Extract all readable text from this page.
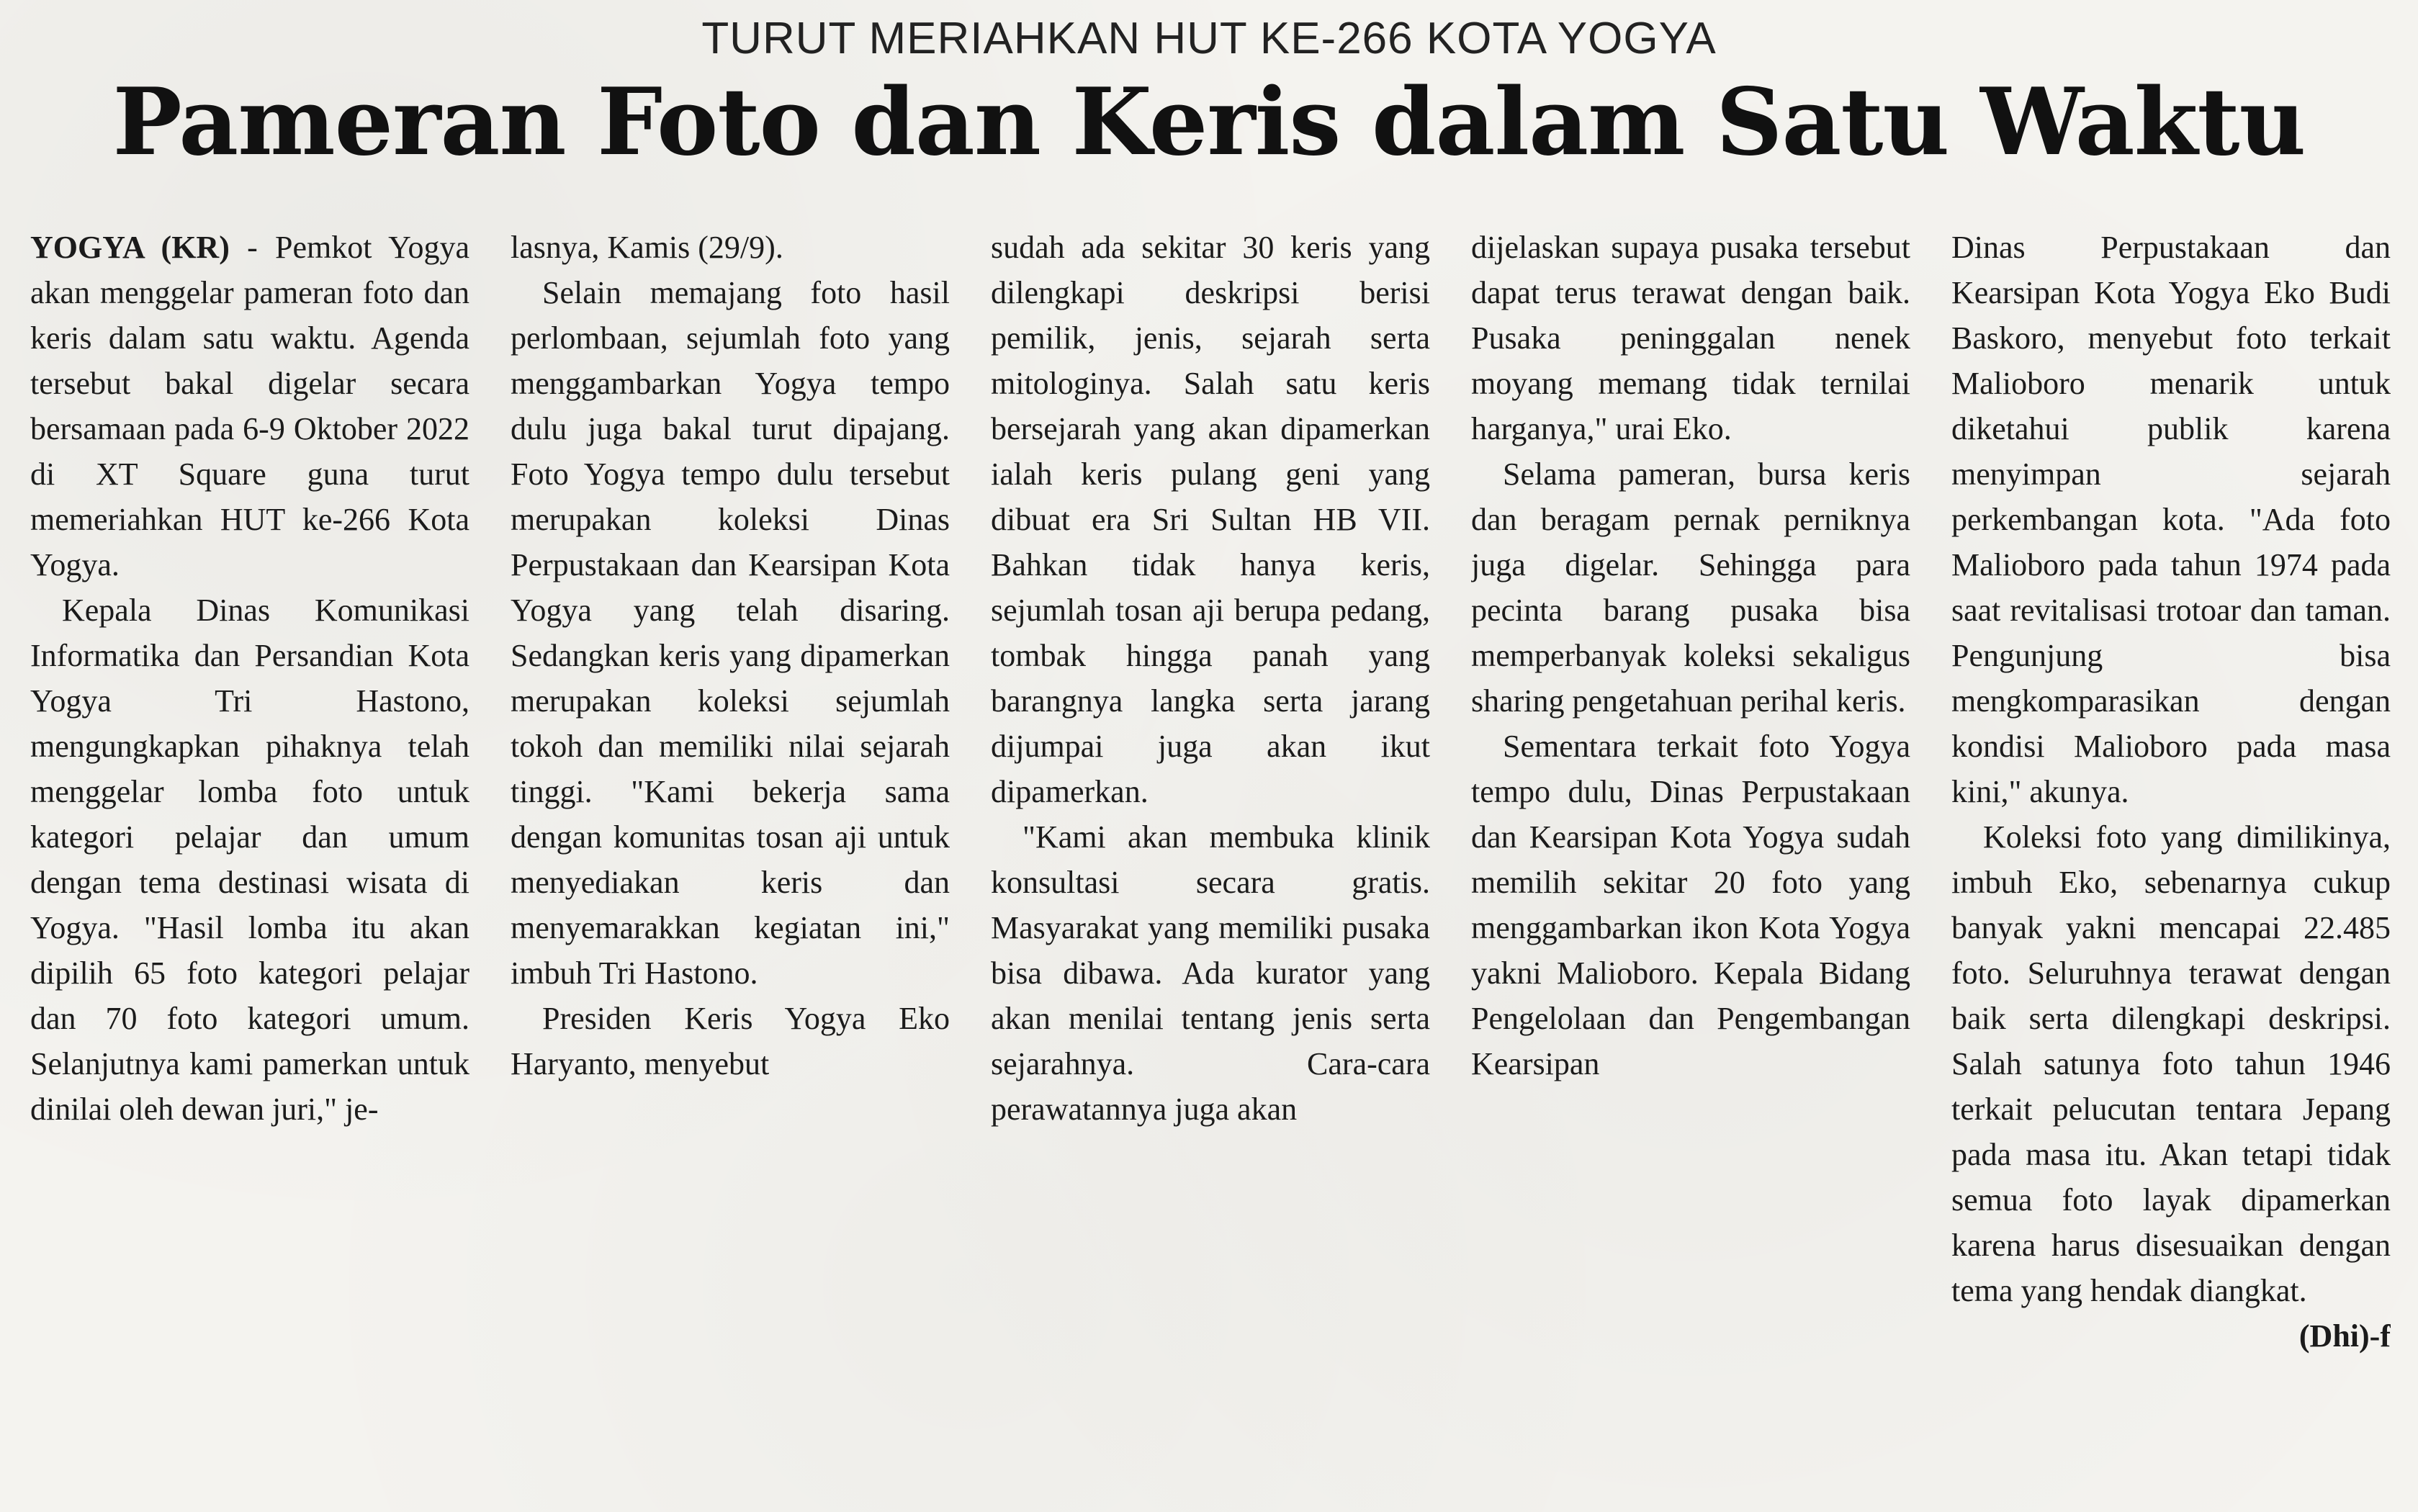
TURUT MERIAHKAN HUT KE-266 KOTA YOGYA
Pameran Foto dan Keris dalam Satu Waktu

YOGYA (KR) - Pemkot Yogya akan menggelar pameran foto dan keris dalam satu waktu. Agenda tersebut bakal digelar secara bersamaan pada 6-9 Oktober 2022 di XT Square guna turut memeriahkan HUT ke-266 Kota Yogya.

Kepala Dinas Komunikasi Informatika dan Persandian Kota Yogya Tri Hastono, mengungkapkan pihaknya telah menggelar lomba foto untuk kategori pelajar dan umum dengan tema destinasi wisata di Yogya. "Hasil lomba itu akan dipilih 65 foto kategori pelajar dan 70 foto kategori umum. Selanjutnya kami pamerkan untuk dinilai oleh dewan juri," je-

lasnya, Kamis (29/9).

Selain memajang foto hasil perlombaan, sejumlah foto yang menggambarkan Yogya tempo dulu juga bakal turut dipajang. Foto Yogya tempo dulu tersebut merupakan koleksi Dinas Perpustakaan dan Kearsipan Kota Yogya yang telah disaring. Sedangkan keris yang dipamerkan merupakan koleksi sejumlah tokoh dan memiliki nilai sejarah tinggi. "Kami bekerja sama dengan komunitas tosan aji untuk menyediakan keris dan menyemarakkan kegiatan ini," imbuh Tri Hastono.

Presiden Keris Yogya Eko Haryanto, menyebut

sudah ada sekitar 30 keris yang dilengkapi deskripsi berisi pemilik, jenis, sejarah serta mitologinya. Salah satu keris bersejarah yang akan dipamerkan ialah keris pulang geni yang dibuat era Sri Sultan HB VII. Bahkan tidak hanya keris, sejumlah tosan aji berupa pedang, tombak hingga panah yang barangnya langka serta jarang dijumpai juga akan ikut dipamerkan.

"Kami akan membuka klinik konsultasi secara gratis. Masyarakat yang memiliki pusaka bisa dibawa. Ada kurator yang akan menilai tentang jenis serta sejarahnya. Cara-cara perawatannya juga akan

dijelaskan supaya pusaka tersebut dapat terus terawat dengan baik. Pusaka peninggalan nenek moyang memang tidak ternilai harganya," urai Eko.

Selama pameran, bursa keris dan beragam pernak perniknya juga digelar. Sehingga para pecinta barang pusaka bisa memperbanyak koleksi sekaligus sharing pengetahuan perihal keris.

Sementara terkait foto Yogya tempo dulu, Dinas Perpustakaan dan Kearsipan Kota Yogya sudah memilih sekitar 20 foto yang menggambarkan ikon Kota Yogya yakni Malioboro. Kepala Bidang Pengelolaan dan Pengembangan Kearsipan

Dinas Perpustakaan dan Kearsipan Kota Yogya Eko Budi Baskoro, menyebut foto terkait Malioboro menarik untuk diketahui publik karena menyimpan sejarah perkembangan kota. "Ada foto Malioboro pada tahun 1974 pada saat revitalisasi trotoar dan taman. Pengunjung bisa mengkomparasikan dengan kondisi Malioboro pada masa kini," akunya.

Koleksi foto yang dimilikinya, imbuh Eko, sebenarnya cukup banyak yakni mencapai 22.485 foto. Seluruhnya terawat dengan baik serta dilengkapi deskripsi. Salah satunya foto tahun 1946 terkait pelucutan tentara Jepang pada masa itu. Akan tetapi tidak semua foto layak dipamerkan karena harus disesuaikan dengan tema yang hendak diangkat.
(Dhi)-f
